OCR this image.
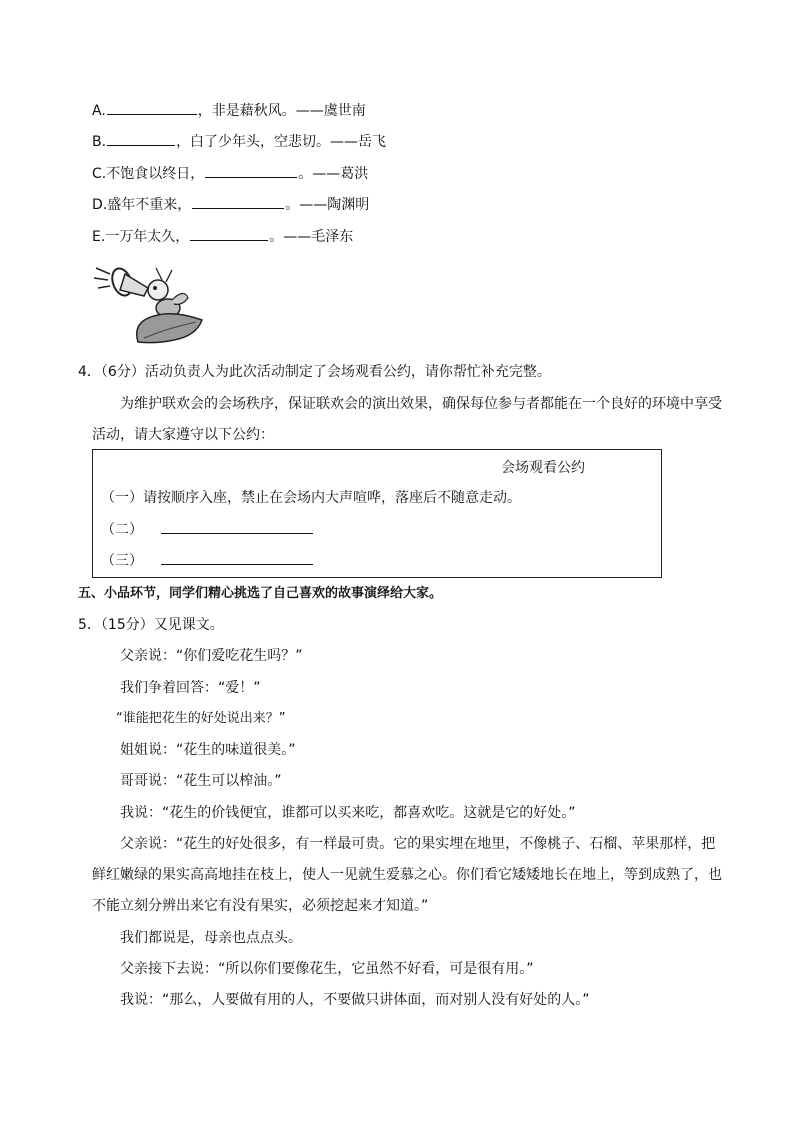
A.	，非是藉秋风。——虞世南
B.	，白了少年头，空悲切。——岳飞
C.不饱食以终日，	。——葛洪
D.盛年不重来，	。——陶渊明
E.一万年太久，	。——毛泽东
4．（6分）活动负责人为此次活动制定了会场观看公约，请你帮忙补充完整。
为维护联欢会的会场秩序，保证联欢会的演出效果，确保每位参与者都能在一个良好的环境中享受
活动，请大家遵守以下公约：
会场观看公约
（一）请按顺序入座，禁止在会场内大声喧哗，落座后不随意走动。
（二）
（三）
五、小品环节，同学们精心挑选了自己喜欢的故事演绎给大家。
5．（15分）又见课文。
父亲说：“你们爱吃花生吗？”
我们争着回答：“爱！”
“谁能把花生的好处说出来？”
姐姐说：“花生的味道很美。”
哥哥说：“花生可以榨油。”
我说：“花生的价钱便宜，谁都可以买来吃，都喜欢吃。这就是它的好处。”
父亲说：“花生的好处很多，有一样最可贵。它的果实埋在地里，不像桃子、石榴、苹果那样，把
鲜红嫩绿的果实高高地挂在枝上，使人一见就生爱慕之心。你们看它矮矮地长在地上，等到成熟了，也
不能立刻分辨出来它有没有果实，必须挖起来才知道。”
我们都说是，母亲也点点头。
父亲接下去说：“所以你们要像花生，它虽然不好看，可是很有用。”
我说：“那么，人要做有用的人，不要做只讲体面，而对别人没有好处的人。”
